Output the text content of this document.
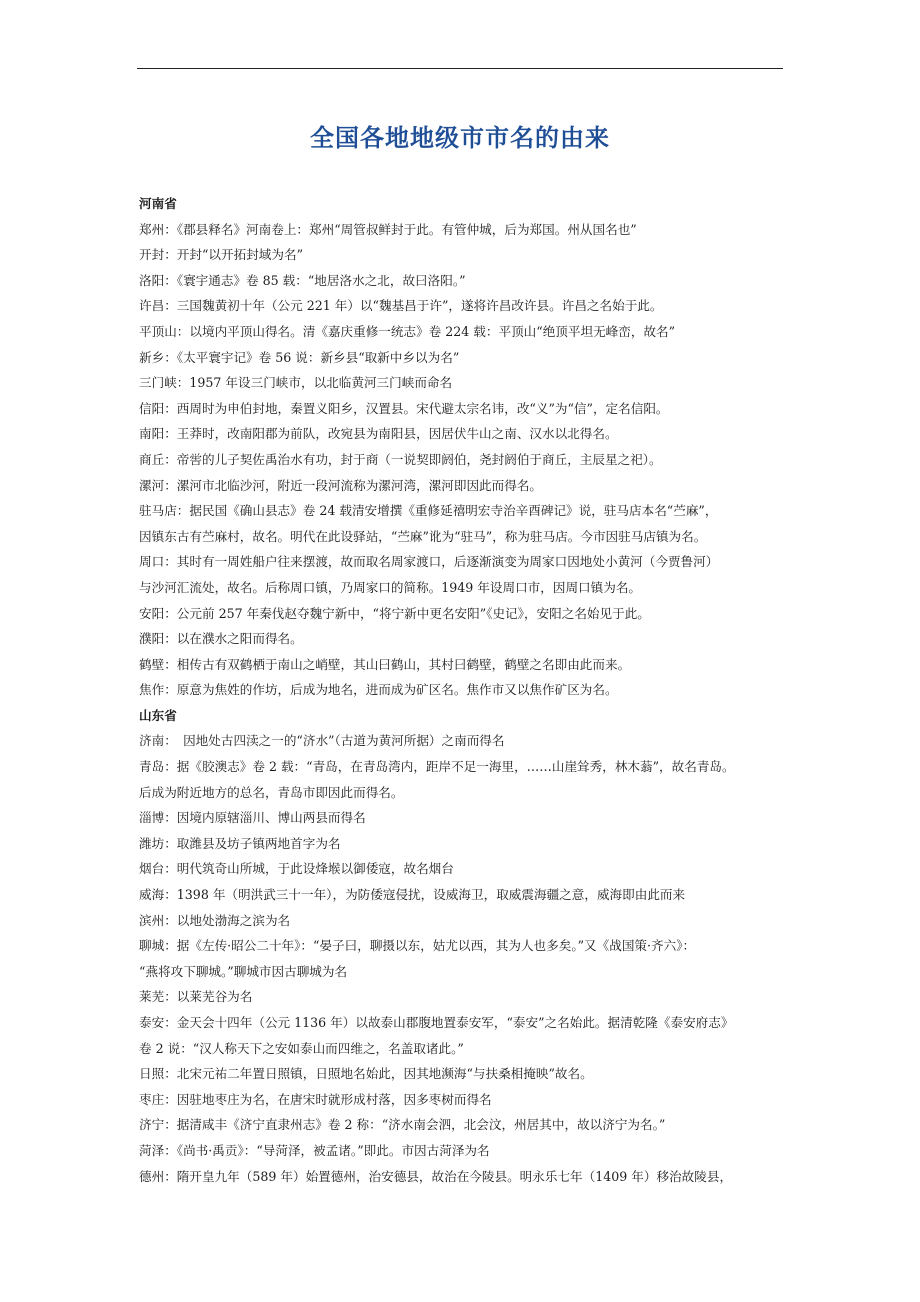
全国各地地级市市名的由来
河南省
郑州：《郡县释名》河南卷上：郑州“周管叔鲜封于此。有管仲城，后为郑国。州从国名也”
开封：开封“以开拓封域为名”
洛阳：《寰宇通志》卷 85 载：“地居洛水之北，故曰洛阳。”
许昌：三国魏黄初十年（公元 221 年）以“魏基昌于许”，遂将许昌改许县。许昌之名始于此。
平顶山：以境内平顶山得名。清《嘉庆重修一统志》卷 224 载：平顶山“绝顶平坦无峰峦，故名”
新乡：《太平寰宇记》卷 56 说：新乡县“取新中乡以为名”
三门峡：1957 年设三门峡市，以北临黄河三门峡而命名
信阳：西周时为申伯封地，秦置义阳乡，汉置县。宋代避太宗名讳，改“义”为“信”，定名信阳。
南阳：王莽时，改南阳郡为前队，改宛县为南阳县，因居伏牛山之南、汉水以北得名。
商丘：帝喾的儿子契佐禹治水有功，封于商（一说契即阏伯，尧封阏伯于商丘，主辰星之祀）。
漯河：漯河市北临沙河，附近一段河流称为漯河湾，漯河即因此而得名。
驻马店：据民国《确山县志》卷 24 载清安增撰《重修延禧明宏寺治辛酉碑记》说，驻马店本名“苎麻”，
因镇东古有苎麻村，故名。明代在此设驿站，“苎麻”讹为“驻马”，称为驻马店。今市因驻马店镇为名。
周口：其时有一周姓船户往来摆渡，故而取名周家渡口，后逐渐演变为周家口因地处小黄河（今贾鲁河）
与沙河汇流处，故名。后称周口镇，乃周家口的简称。1949 年设周口市，因周口镇为名。
安阳：公元前 257 年秦伐赵夺魏宁新中，“将宁新中更名安阳”《史记》，安阳之名始见于此。
濮阳：以在濮水之阳而得名。
鹤壁：相传古有双鹤栖于南山之峭壁，其山曰鹤山，其村曰鹤壁，鹤壁之名即由此而来。
焦作：原意为焦姓的作坊，后成为地名，进而成为矿区名。焦作市又以焦作矿区为名。
山东省
济南：　因地处古四渎之一的“济水”（古道为黄河所据）之南而得名
青岛：据《胶澳志》卷 2 载：“青岛，在青岛湾内，距岸不足一海里，……山崖耸秀，林木蓊”，故名青岛。
后成为附近地方的总名，青岛市即因此而得名。
淄博：因境内原辖淄川、博山两县而得名
潍坊：取潍县及坊子镇两地首字为名
烟台：明代筑奇山所城，于此设烽堠以御倭寇，故名烟台
威海：1398 年（明洪武三十一年），为防倭寇侵扰，设威海卫，取威震海疆之意，威海即由此而来
滨州：以地处渤海之滨为名
聊城：据《左传·昭公二十年》：“晏子曰，聊摄以东，姑尤以西，其为人也多矣。”又《战国策·齐六》：
“燕将攻下聊城。”聊城市因古聊城为名
莱芜：以莱芜谷为名
泰安：金天会十四年（公元 1136 年）以故泰山郡腹地置泰安军，“泰安”之名始此。据清乾隆《泰安府志》
卷 2 说：“汉人称天下之安如泰山而四维之，名盖取诸此。”
日照：北宋元祐二年置日照镇，日照地名始此，因其地濒海“与扶桑相掩映”故名。
枣庄：因驻地枣庄为名，在唐宋时就形成村落，因多枣树而得名
济宁：据清咸丰《济宁直隶州志》卷 2 称：“济水南会泗，北会汶，州居其中，故以济宁为名。”
菏泽：《尚书·禹贡》：“导菏泽，被孟诸。”即此。市因古菏泽为名
德州：隋开皇九年（589 年）始置德州，治安德县，故治在今陵县。明永乐七年（1409 年）移治故陵县，
